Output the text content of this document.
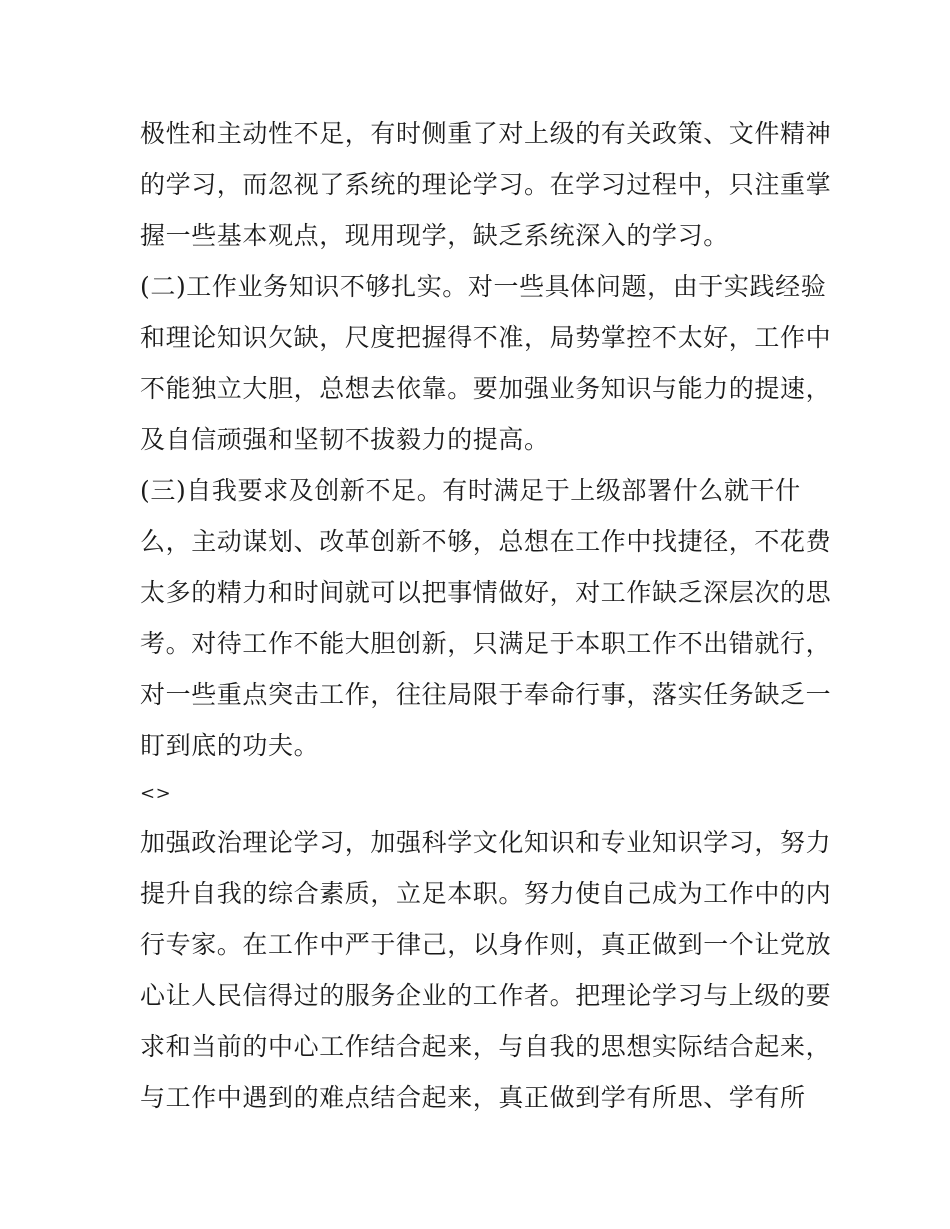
极性和主动性不足，有时侧重了对上级的有关政策、文件精神
的学习，而忽视了系统的理论学习。在学习过程中，只注重掌
握一些基本观点，现用现学，缺乏系统深入的学习。
(二)工作业务知识不够扎实。对一些具体问题，由于实践经验
和理论知识欠缺，尺度把握得不准，局势掌控不太好，工作中
不能独立大胆，总想去依靠。要加强业务知识与能力的提速，
及自信顽强和坚韧不拔毅力的提高。
(三)自我要求及创新不足。有时满足于上级部署什么就干什
么，主动谋划、改革创新不够，总想在工作中找捷径，不花费
太多的精力和时间就可以把事情做好，对工作缺乏深层次的思
考。对待工作不能大胆创新，只满足于本职工作不出错就行，
对一些重点突击工作，往往局限于奉命行事，落实任务缺乏一
盯到底的功夫。
<>
加强政治理论学习，加强科学文化知识和专业知识学习，努力
提升自我的综合素质，立足本职。努力使自己成为工作中的内
行专家。在工作中严于律己，以身作则，真正做到一个让党放
心让人民信得过的服务企业的工作者。把理论学习与上级的要
求和当前的中心工作结合起来，与自我的思想实际结合起来，
与工作中遇到的难点结合起来，真正做到学有所思、学有所
